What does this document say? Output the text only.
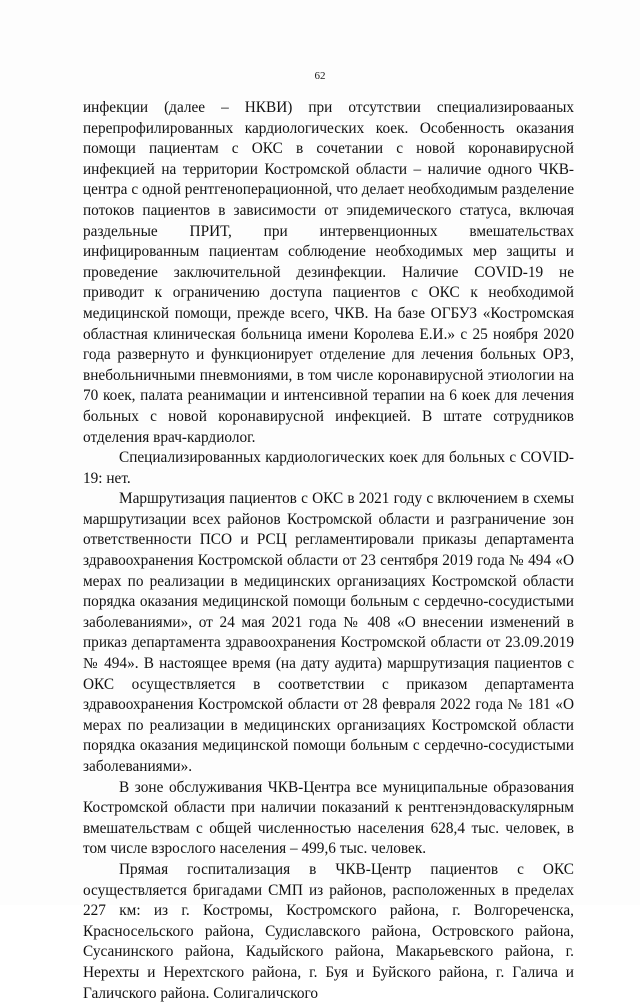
62

инфекции (далее – НКВИ) при отсутствии специализировааных перепрофилированных кардиологических коек. Особенность оказания помощи пациентам с ОКС в сочетании с новой коронавирусной инфекцией на территории Костромской области – наличие одного ЧКВ-центра с одной рентгеноперационной, что делает необходимым разделение потоков пациентов в зависимости от эпидемического статуса, включая раздельные ПРИТ, при интервенционных вмешательствах инфицированным пациентам соблюдение необходимых мер защиты и проведение заключительной дезинфекции. Наличие COVID-19 не приводит к ограничению доступа пациентов с ОКС к необходимой медицинской помощи, прежде всего, ЧКВ. На базе ОГБУЗ «Костромская областная клиническая больница имени Королева Е.И.» с 25 ноября 2020 года развернуто и функционирует отделение для лечения больных ОРЗ, внебольничными пневмониями, в том числе коронавирусной этиологии на 70 коек, палата реанимации и интенсивной терапии на 6 коек для лечения больных с новой коронавирусной инфекцией. В штате сотрудников отделения врач-кардиолог.

Специализированных кардиологических коек для больных с COVID-19: нет.

Маршрутизация пациентов с ОКС в 2021 году с включением в схемы маршрутизации всех районов Костромской области и разграничение зон ответственности ПСО и РСЦ регламентировали приказы департамента здравоохранения Костромской области от 23 сентября 2019 года № 494 «О мерах по реализации в медицинских организациях Костромской области порядка оказания медицинской помощи больным с сердечно-сосудистыми заболеваниями», от 24 мая 2021 года № 408 «О внесении изменений в приказ департамента здравоохранения Костромской области от 23.09.2019 № 494». В настоящее время (на дату аудита) маршрутизация пациентов с ОКС осуществляется в соответствии с приказом департамента здравоохранения Костромской области от 28 февраля 2022 года № 181 «О мерах по реализации в медицинских организациях Костромской области порядка оказания медицинской помощи больным с сердечно-сосудистыми заболеваниями».

В зоне обслуживания ЧКВ-Центра все муниципальные образования Костромской области при наличии показаний к рентгенэндоваскулярным вмешательствам с общей численностью населения 628,4 тыс. человек, в том числе взрослого населения – 499,6 тыс. человек.

Прямая госпитализация в ЧКВ-Центр пациентов с ОКС осуществляется бригадами СМП из районов, расположенных в пределах 227 км: из г. Костромы, Костромского района, г. Волгореченска, Красносельского района, Судиславского района, Островского района, Сусанинского района, Кадыйского района, Макарьевского района, г. Нерехты и Нерехтского района, г. Буя и Буйского района, г. Галича и Галичского района. Солигаличского
